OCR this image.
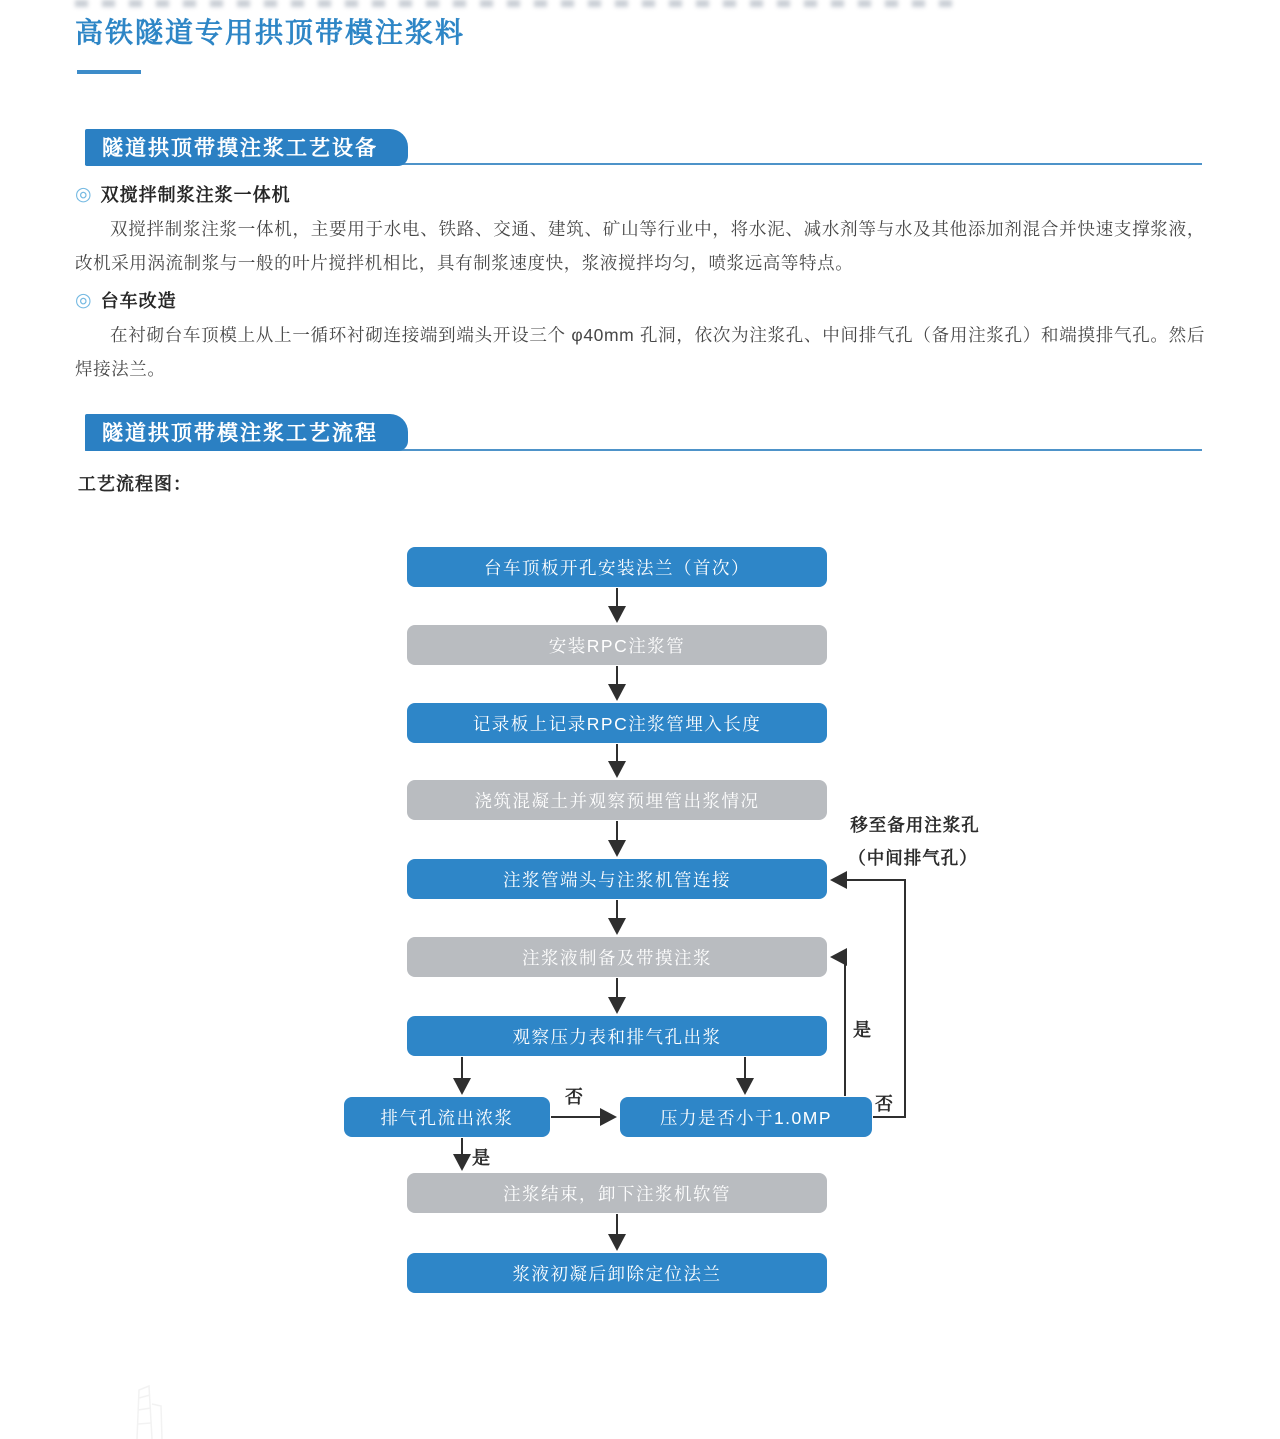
高铁隧道专用拱顶带模注浆料
隧道拱顶带摸注浆工艺设备
◎ 双搅拌制浆注浆一体机

双搅拌制浆注浆一体机，主要用于水电、铁路、交通、建筑、矿山等行业中，将水泥、减水剂等与水及其他添加剂混合并快速支撑浆液，改机采用涡流制浆与一般的叶片搅拌机相比，具有制浆速度快，浆液搅拌均匀，喷浆远高等特点。

◎ 台车改造

在衬砌台车顶模上从上一循环衬砌连接端到端头开设三个 φ40mm 孔洞，依次为注浆孔、中间排气孔（备用注浆孔）和端摸排气孔。然后焊接法兰。

隧道拱顶带模注浆工艺流程
工艺流程图：
台车顶板开孔安装法兰（首次）
安装RPC注浆管
记录板上记录RPC注浆管埋入长度
浇筑混凝土并观察预埋管出浆情况
注浆管端头与注浆机管连接
注浆液制备及带摸注浆
观察压力表和排气孔出浆
排气孔流出浓浆	压力是否小于1.0MP
注浆结束，卸下注浆机软管
浆液初凝后卸除定位法兰
否
是
是
否
移至备用注浆孔
（中间排气孔）
